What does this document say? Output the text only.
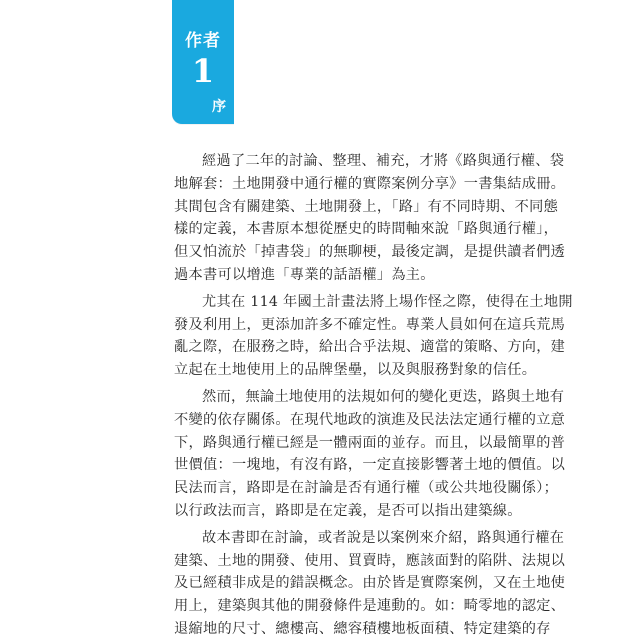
作者
1
序
經過了二年的討論、整理、補充，才將《路與通行權、袋
地解套：土地開發中通行權的實際案例分享》一書集結成冊。
其間包含有關建築、土地開發上，「路」有不同時期、不同態
樣的定義，本書原本想從歷史的時間軸來說「路與通行權」，
但又怕流於「掉書袋」的無聊梗，最後定調，是提供讀者們透
過本書可以增進「專業的話語權」為主。
尤其在 114 年國土計畫法將上場作怪之際，使得在土地開
發及利用上，更添加許多不確定性。專業人員如何在這兵荒馬
亂之際，在服務之時，給出合乎法規、適當的策略、方向，建
立起在土地使用上的品牌堡壘，以及與服務對象的信任。
然而，無論土地使用的法規如何的變化更迭，路與土地有
不變的依存關係。在現代地政的演進及民法法定通行權的立意
下，路與通行權已經是一體兩面的並存。而且，以最簡單的普
世價值：一塊地，有沒有路，一定直接影響著土地的價值。以
民法而言，路即是在討論是否有通行權（或公共地役關係）；
以行政法而言，路即是在定義，是否可以指出建築線。
故本書即在討論，或者說是以案例來介紹，路與通行權在
建築、土地的開發、使用、買賣時，應該面對的陷阱、法規以
及已經積非成是的錯誤概念。由於皆是實際案例，又在土地使
用上，建築與其他的開發條件是連動的。如：畸零地的認定、
退縮地的尺寸、總樓高、總容積樓地板面積、特定建築的存
